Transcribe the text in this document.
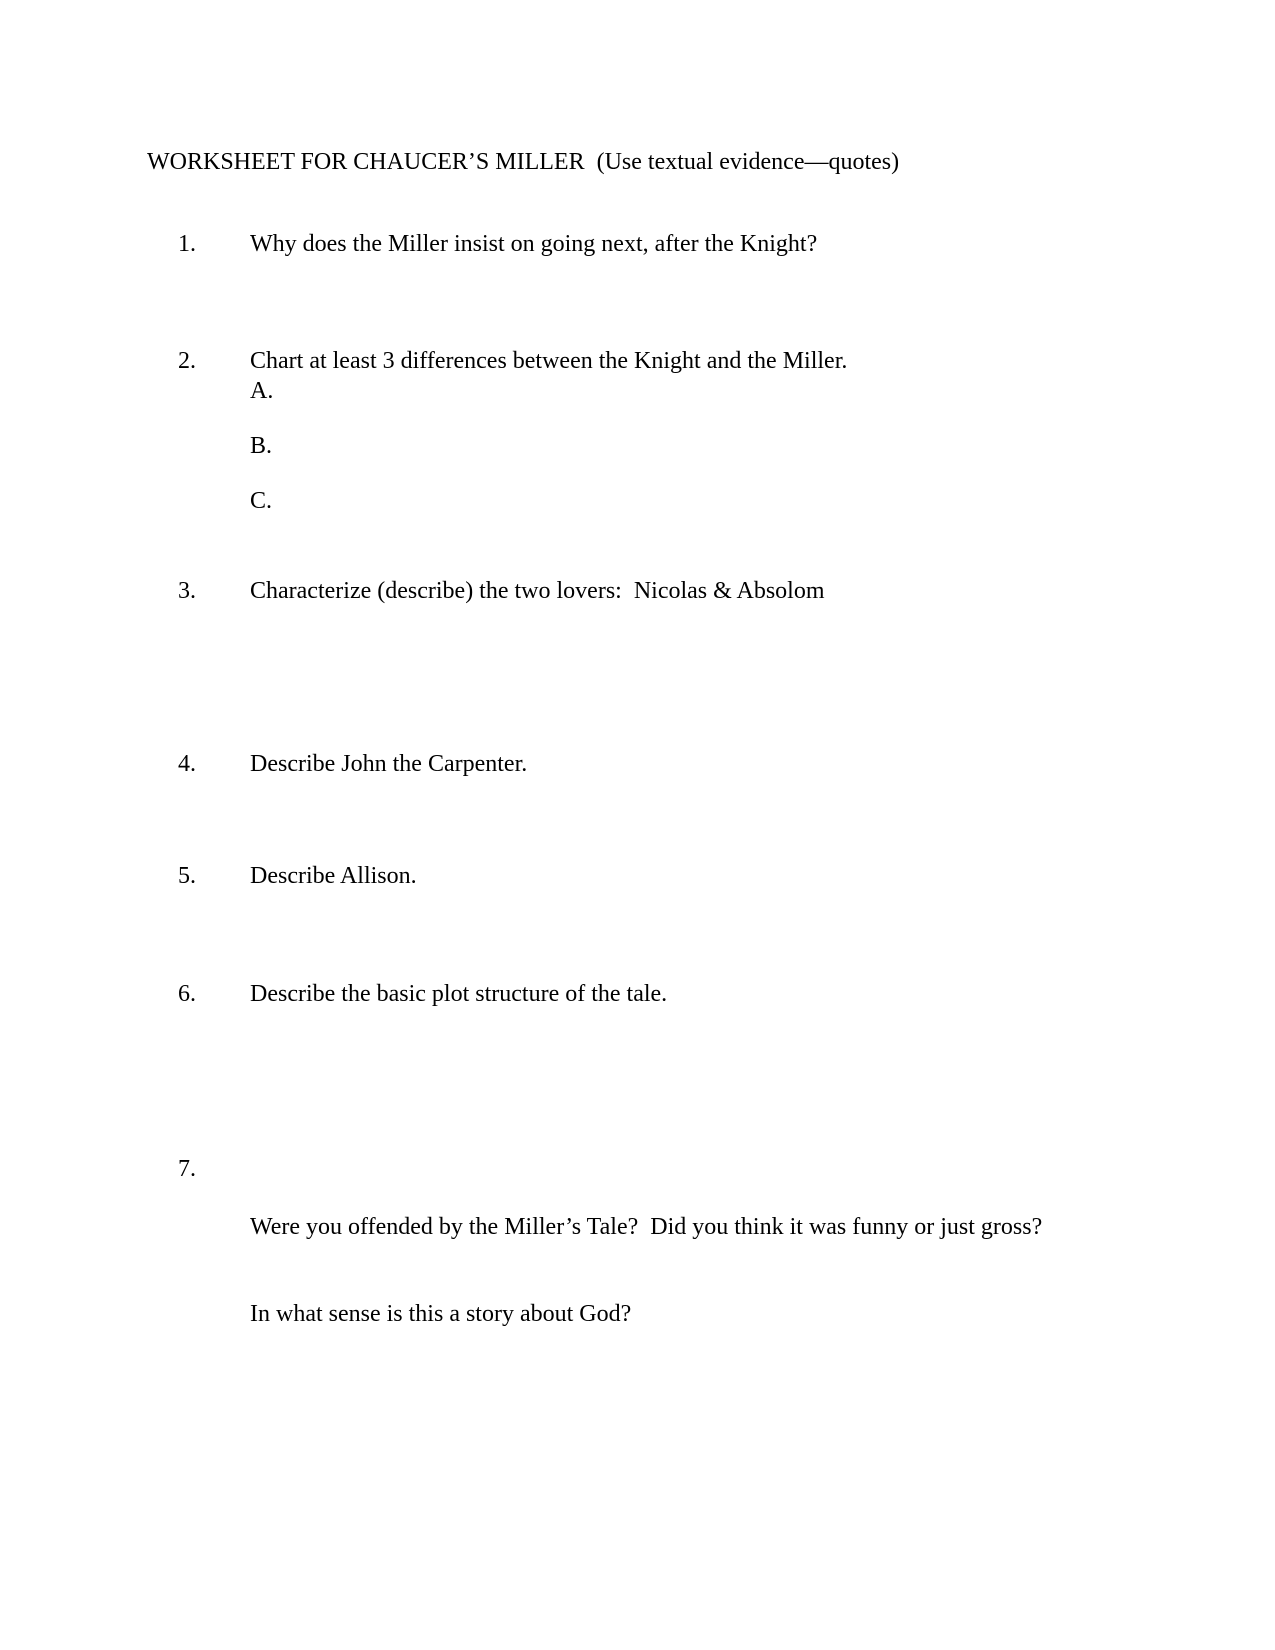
WORKSHEET FOR CHAUCER’S MILLER  (Use textual evidence—quotes)
1.	Why does the Miller insist on going next, after the Knight?
2.	Chart at least 3 differences between the Knight and the Miller.
A.
B.
C.
3.	Characterize (describe) the two lovers:  Nicolas & Absolom
4.	Describe John the Carpenter.
5.	Describe Allison.
6.	Describe the basic plot structure of the tale.
7.

Were you offended by the Miller’s Tale?  Did you think it was funny or just gross?

In what sense is this a story about God?
